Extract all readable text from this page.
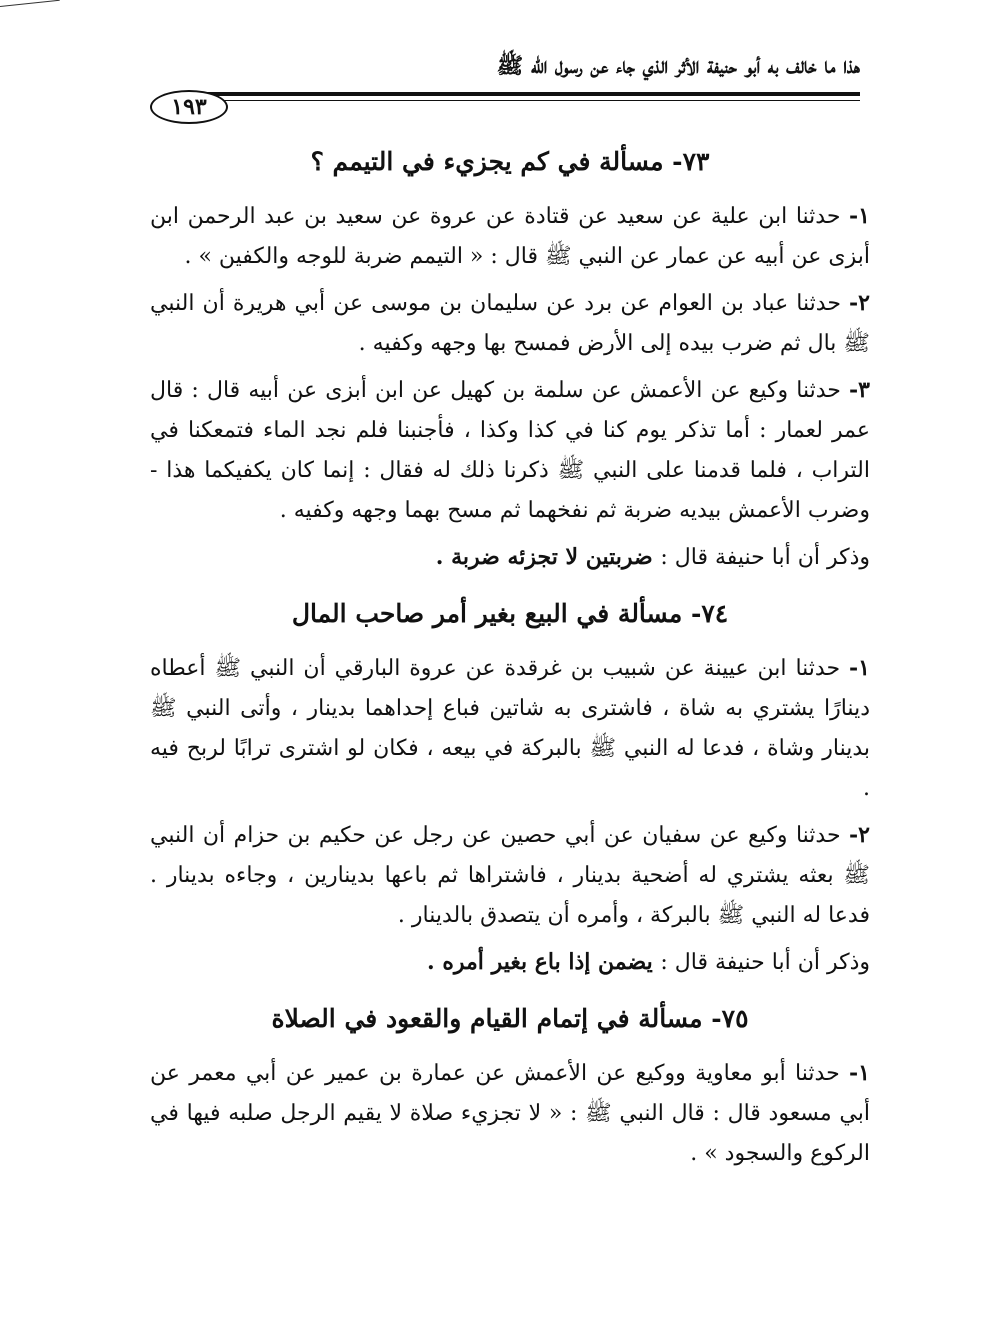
هذا ما خالف به أبو حنيفة الأثر الذي جاء عن رسول الله ﷺ
١٩٣
٧٣- مسألة في كم يجزيء في التيمم ؟

١- حدثنا ابن علية عن سعيد عن قتادة عن عروة عن سعيد بن عبد الرحمن ابن أبزى عن أبيه عن عمار عن النبي ﷺ قال : « التيمم ضربة للوجه والكفين » .

٢- حدثنا عباد بن العوام عن برد عن سليمان بن موسى عن أبي هريرة أن النبي ﷺ بال ثم ضرب بيده إلى الأرض فمسح بها وجهه وكفيه .

٣- حدثنا وكيع عن الأعمش عن سلمة بن كهيل عن ابن أبزى عن أبيه قال : قال عمر لعمار : أما تذكر يوم كنا في كذا وكذا ، فأجنبنا فلم نجد الماء فتمعكنا في التراب ، فلما قدمنا على النبي ﷺ ذكرنا ذلك له فقال : إنما كان يكفيكما هذا - وضرب الأعمش بيديه ضربة ثم نفخهما ثم مسح بهما وجهه وكفيه .

وذكر أن أبا حنيفة قال : ضربتين لا تجزئه ضربة .

٧٤- مسألة في البيع بغير أمر صاحب المال

١- حدثنا ابن عيينة عن شبيب بن غرقدة عن عروة البارقي أن النبي ﷺ أعطاه دينارًا يشتري به شاة ، فاشترى به شاتين فباع إحداهما بدينار ، وأتى النبي ﷺ بدينار وشاة ، فدعا له النبي ﷺ بالبركة في بيعه ، فكان لو اشترى ترابًا لربح فيه .

٢- حدثنا وكيع عن سفيان عن أبي حصين عن رجل عن حكيم بن حزام أن النبي ﷺ بعثه يشتري له أضحية بدينار ، فاشتراها ثم باعها بدينارين ، وجاءه بدينار . فدعا له النبي ﷺ بالبركة ، وأمره أن يتصدق بالدينار .

وذكر أن أبا حنيفة قال : يضمن إذا باع بغير أمره .

٧٥- مسألة في إتمام القيام والقعود في الصلاة

١- حدثنا أبو معاوية ووكيع عن الأعمش عن عمارة بن عمير عن أبي معمر عن أبي مسعود قال : قال النبي ﷺ : « لا تجزيء صلاة لا يقيم الرجل صلبه فيها في الركوع والسجود » .
